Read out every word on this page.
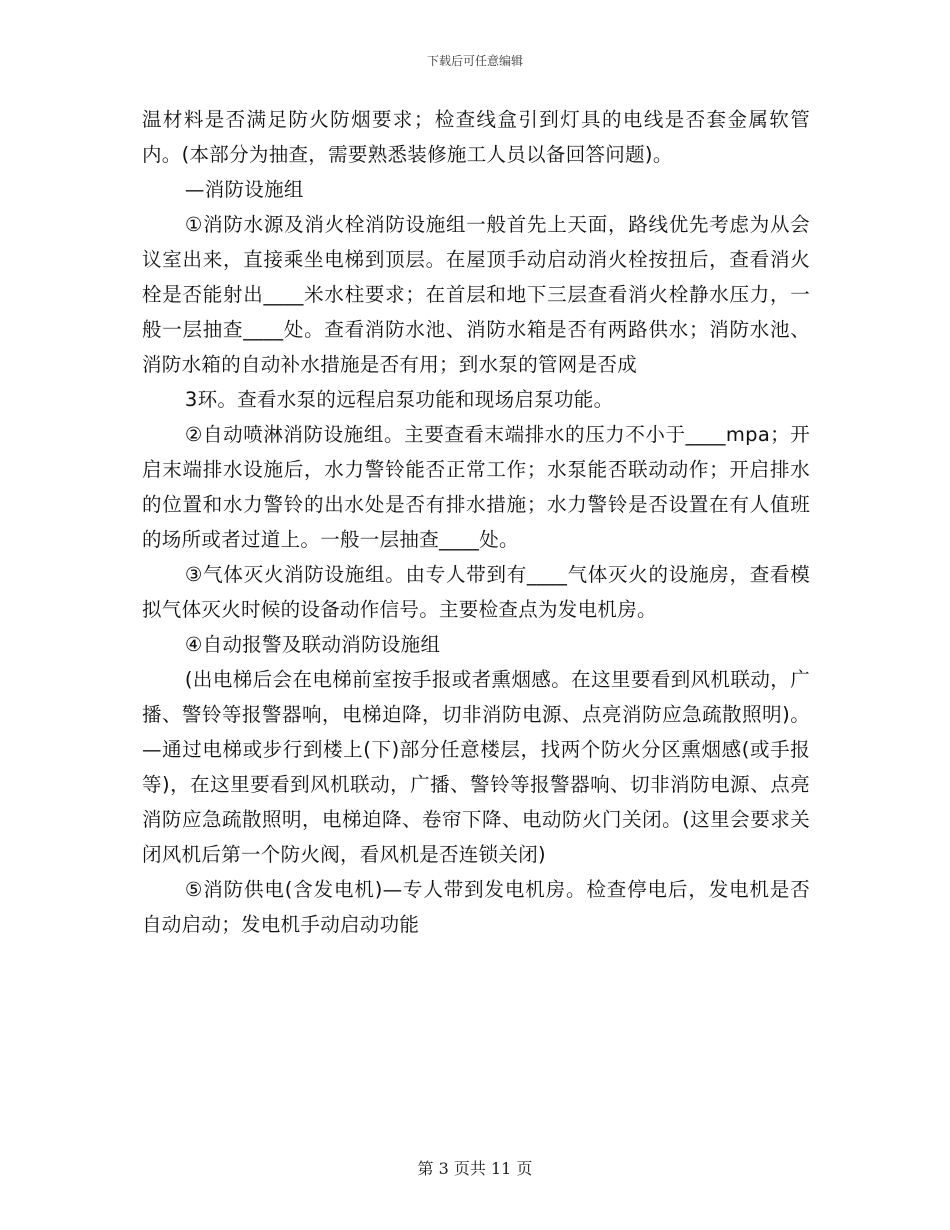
下载后可任意编辑

温材料是否满足防火防烟要求；检查线盒引到灯具的电线是否套金属软管内。(本部分为抽查，需要熟悉装修施工人员以备回答问题)。

—消防设施组

①消防水源及消火栓消防设施组一般首先上天面，路线优先考虑为从会议室出来，直接乘坐电梯到顶层。在屋顶手动启动消火栓按扭后，查看消火栓是否能射出____米水柱要求；在首层和地下三层查看消火栓静水压力，一般一层抽查____处。查看消防水池、消防水箱是否有两路供水；消防水池、消防水箱的自动补水措施是否有用；到水泵的管网是否成

3环。查看水泵的远程启泵功能和现场启泵功能。

②自动喷淋消防设施组。主要查看末端排水的压力不小于____mpa；开启末端排水设施后，水力警铃能否正常工作；水泵能否联动动作；开启排水的位置和水力警铃的出水处是否有排水措施；水力警铃是否设置在有人值班的场所或者过道上。一般一层抽查____处。

③气体灭火消防设施组。由专人带到有____气体灭火的设施房，查看模拟气体灭火时候的设备动作信号。主要检查点为发电机房。

④自动报警及联动消防设施组

(出电梯后会在电梯前室按手报或者熏烟感。在这里要看到风机联动，广播、警铃等报警器响，电梯迫降，切非消防电源、点亮消防应急疏散照明)。—通过电梯或步行到楼上(下)部分任意楼层，找两个防火分区熏烟感(或手报等)，在这里要看到风机联动，广播、警铃等报警器响、切非消防电源、点亮消防应急疏散照明，电梯迫降、卷帘下降、电动防火门关闭。(这里会要求关闭风机后第一个防火阀，看风机是否连锁关闭)

⑤消防供电(含发电机)—专人带到发电机房。检查停电后，发电机是否自动启动；发电机手动启动功能

第 3 页共 11 页
